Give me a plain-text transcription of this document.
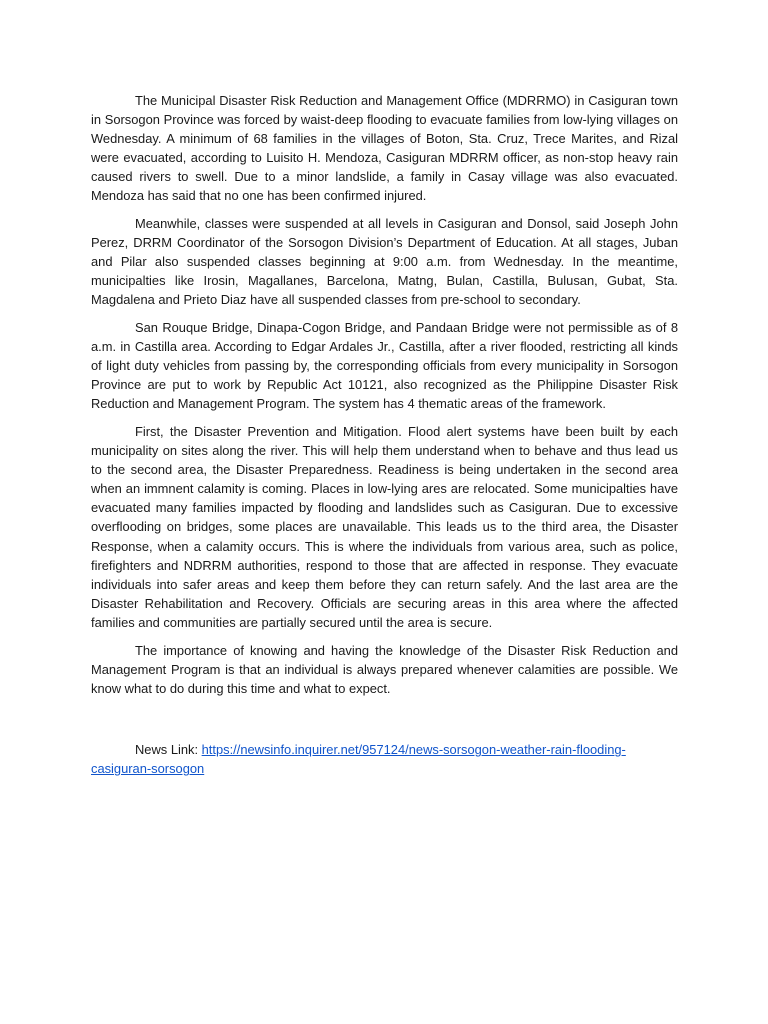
The Municipal Disaster Risk Reduction and Management Office (MDRRMO) in Casiguran town in Sorsogon Province was forced by waist-deep flooding to evacuate families from low-lying villages on Wednesday. A minimum of 68 families in the villages of Boton, Sta. Cruz, Trece Marites, and Rizal were evacuated, according to Luisito H. Mendoza, Casiguran MDRRM officer, as non-stop heavy rain caused rivers to swell. Due to a minor landslide, a family in Casay village was also evacuated. Mendoza has said that no one has been confirmed injured.

Meanwhile, classes were suspended at all levels in Casiguran and Donsol, said Joseph John Perez, DRRM Coordinator of the Sorsogon Division’s Department of Education. At all stages, Juban and Pilar also suspended classes beginning at 9:00 a.m. from Wednesday. In the meantime, municipalties like Irosin, Magallanes, Barcelona, Matng, Bulan, Castilla, Bulusan, Gubat, Sta. Magdalena and Prieto Diaz have all suspended classes from pre-school to secondary.

San Rouque Bridge, Dinapa-Cogon Bridge, and Pandaan Bridge were not permissible as of 8 a.m. in Castilla area. According to Edgar Ardales Jr., Castilla, after a river flooded, restricting all kinds of light duty vehicles from passing by, the corresponding officials from every municipality in Sorsogon Province are put to work by Republic Act 10121, also recognized as the Philippine Disaster Risk Reduction and Management Program. The system has 4 thematic areas of the framework.

First, the Disaster Prevention and Mitigation. Flood alert systems have been built by each municipality on sites along the river. This will help them understand when to behave and thus lead us to the second area, the Disaster Preparedness. Readiness is being undertaken in the second area when an immnent calamity is coming. Places in low-lying ares are relocated. Some municipalties have evacuated many families impacted by flooding and landslides such as Casiguran. Due to excessive overflooding on bridges, some places are unavailable. This leads us to the third area, the Disaster Response, when a calamity occurs. This is where the individuals from various area, such as police, firefighters and NDRRM authorities, respond to those that are affected in response. They evacuate individuals into safer areas and keep them before they can return safely. And the last area are the Disaster Rehabilitation and Recovery. Officials are securing areas in this area where the affected families and communities are partially secured until the area is secure.

The importance of knowing and having the knowledge of the Disaster Risk Reduction and Management Program is that an individual is always prepared whenever calamities are possible. We know what to do during this time and what to expect.

News Link: https://newsinfo.inquirer.net/957124/news-sorsogon-weather-rain-flooding-casiguran-sorsogon
